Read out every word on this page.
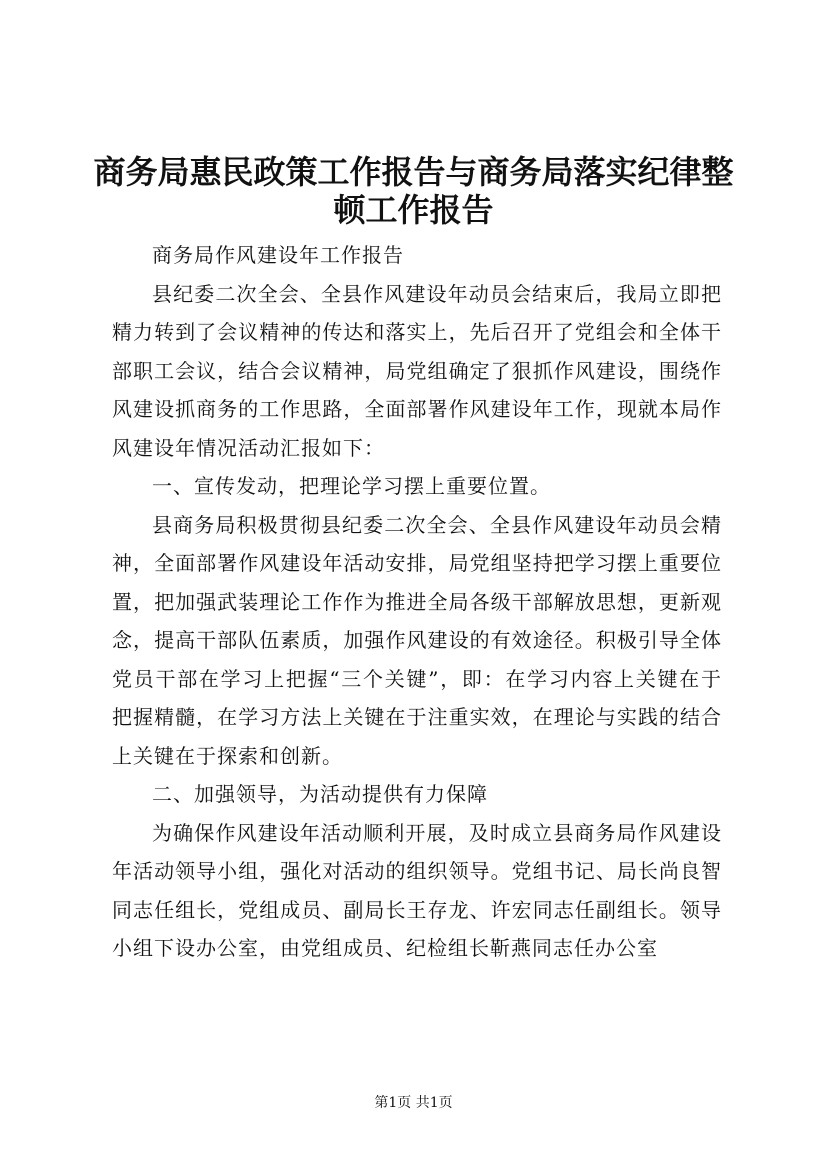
商务局惠民政策工作报告与商务局落实纪律整
顿工作报告

商务局作风建设年工作报告

县纪委二次全会、全县作风建设年动员会结束后，我局立即把精力转到了会议精神的传达和落实上，先后召开了党组会和全体干部职工会议，结合会议精神，局党组确定了狠抓作风建设，围绕作风建设抓商务的工作思路，全面部署作风建设年工作，现就本局作风建设年情况活动汇报如下：

一、宣传发动，把理论学习摆上重要位置。

县商务局积极贯彻县纪委二次全会、全县作风建设年动员会精神，全面部署作风建设年活动安排，局党组坚持把学习摆上重要位置，把加强武装理论工作作为推进全局各级干部解放思想，更新观念，提高干部队伍素质，加强作风建设的有效途径。积极引导全体党员干部在学习上把握“三个关键”，即：在学习内容上关键在于把握精髓，在学习方法上关键在于注重实效，在理论与实践的结合上关键在于探索和创新。

二、加强领导，为活动提供有力保障

为确保作风建设年活动顺利开展，及时成立县商务局作风建设年活动领导小组，强化对活动的组织领导。党组书记、局长尚良智同志任组长，党组成员、副局长王存龙、许宏同志任副组长。领导小组下设办公室，由党组成员、纪检组长靳燕同志任办公室

第1页 共1页
